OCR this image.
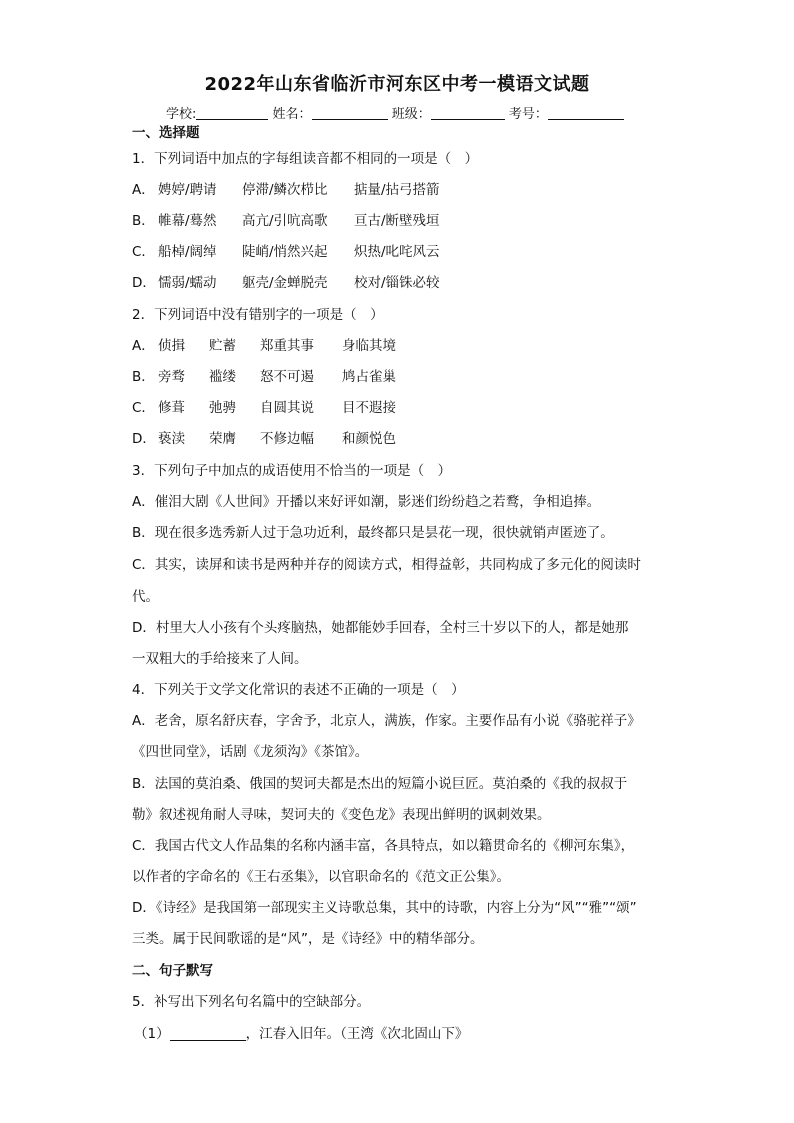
2022年山东省临沂市河东区中考一模语文试题
学校:	姓名：	班级：	考号：
一、选择题
1．下列词语中加点的字每组读音都不相同的一项是（　）
A． 娉婷/聘请 停滞/鳞次栉比 掂量/拈弓搭箭
B． 帷幕/蓦然 高亢/引吭高歌 亘古/断壁残垣
C． 船棹/阔绰 陡峭/悄然兴起 炽热/叱咤风云
D． 懦弱/蠕动 躯壳/金蝉脱壳 校对/锱铢必较
2．下列词语中没有错别字的一项是（　）
A． 侦揖 贮蓄 郑重其事 身临其境
B． 旁骛 褴缕 怒不可遏 鸠占雀巢
C． 修葺 弛骋 自圆其说 目不遐接
D． 亵渎 荣膺 不修边幅 和颜悦色
3．下列句子中加点的成语使用不恰当的一项是（　）
A．催泪大剧《人世间》开播以来好评如潮，影迷们纷纷趋之若鹜，争相追捧。
B．现在很多选秀新人过于急功近利，最终都只是昙花一现，很快就销声匿迹了。
C．其实，读屏和读书是两种并存的阅读方式，相得益彰，共同构成了多元化的阅读时
代。
D．村里大人小孩有个头疼脑热，她都能妙手回春，全村三十岁以下的人，都是她那
一双粗大的手给接来了人间。
4．下列关于文学文化常识的表述不正确的一项是（　）
A．老舍，原名舒庆春，字舍予，北京人，满族，作家。主要作品有小说《骆驼祥子》
《四世同堂》，话剧《龙须沟》《茶馆》。
B．法国的莫泊桑、俄国的契诃夫都是杰出的短篇小说巨匠。莫泊桑的《我的叔叔于
勒》叙述视角耐人寻味，契诃夫的《变色龙》表现出鲜明的讽刺效果。
C．我国古代文人作品集的名称内涵丰富，各具特点，如以籍贯命名的《柳河东集》，
以作者的字命名的《王右丞集》，以官职命名的《范文正公集》。
D．《诗经》是我国第一部现实主义诗歌总集，其中的诗歌，内容上分为“风”“雅”“颂”
三类。属于民间歌谣的是“风”，是《诗经》中的精华部分。
二、句子默写
5．补写出下列名句名篇中的空缺部分。
（1）	，江春入旧年。（王湾《次北固山下》
